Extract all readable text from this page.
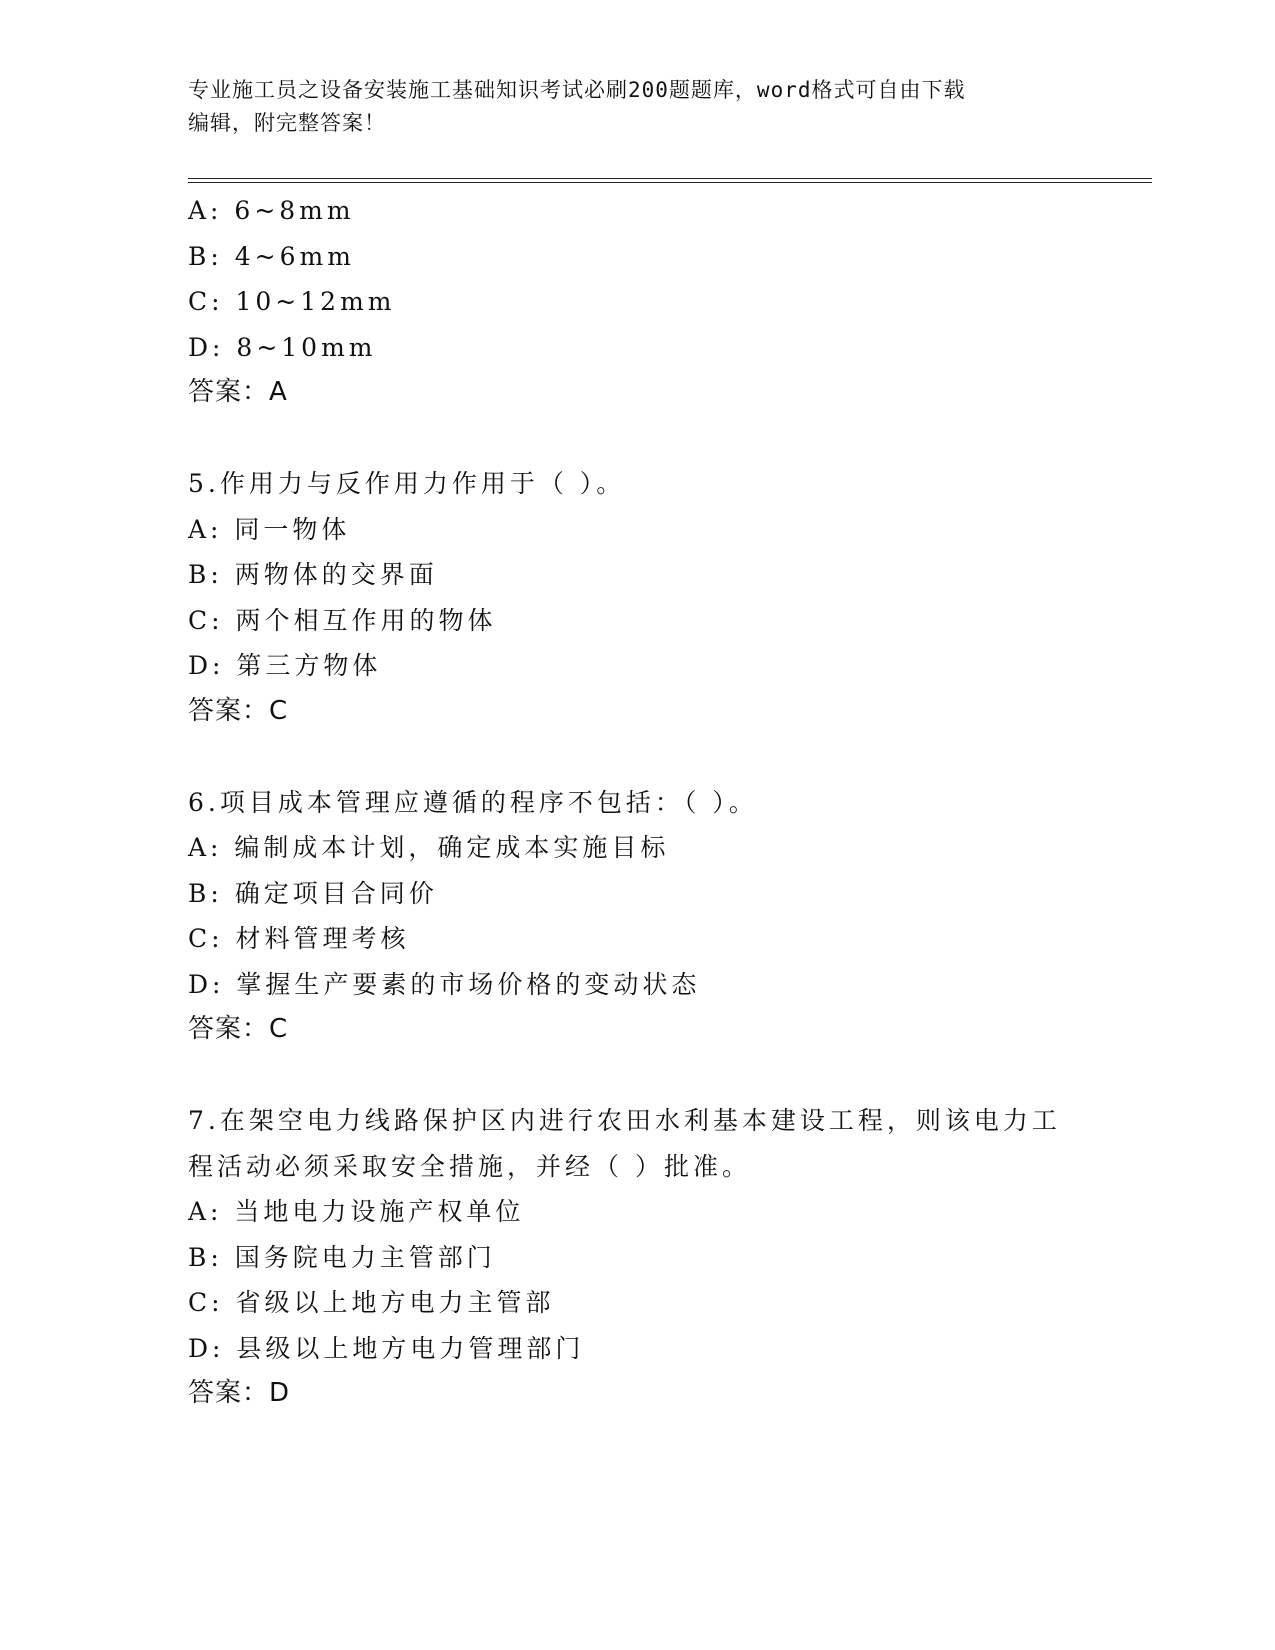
专业施工员之设备安装施工基础知识考试必刷200题题库，word格式可自由下载
编辑，附完整答案！
A: 6~8mm
B: 4~6mm
C: 10~12mm
D: 8~10mm
答案：A
5.作用力与反作用力作用于（ ）。
A: 同一物体
B: 两物体的交界面
C: 两个相互作用的物体
D: 第三方物体
答案：C
6.项目成本管理应遵循的程序不包括：（ ）。
A: 编制成本计划，确定成本实施目标
B: 确定项目合同价
C: 材料管理考核
D: 掌握生产要素的市场价格的变动状态
答案：C
7.在架空电力线路保护区内进行农田水利基本建设工程，则该电力工
程活动必须采取安全措施，并经（ ）批准。
A: 当地电力设施产权单位
B: 国务院电力主管部门
C: 省级以上地方电力主管部
D: 县级以上地方电力管理部门
答案：D
